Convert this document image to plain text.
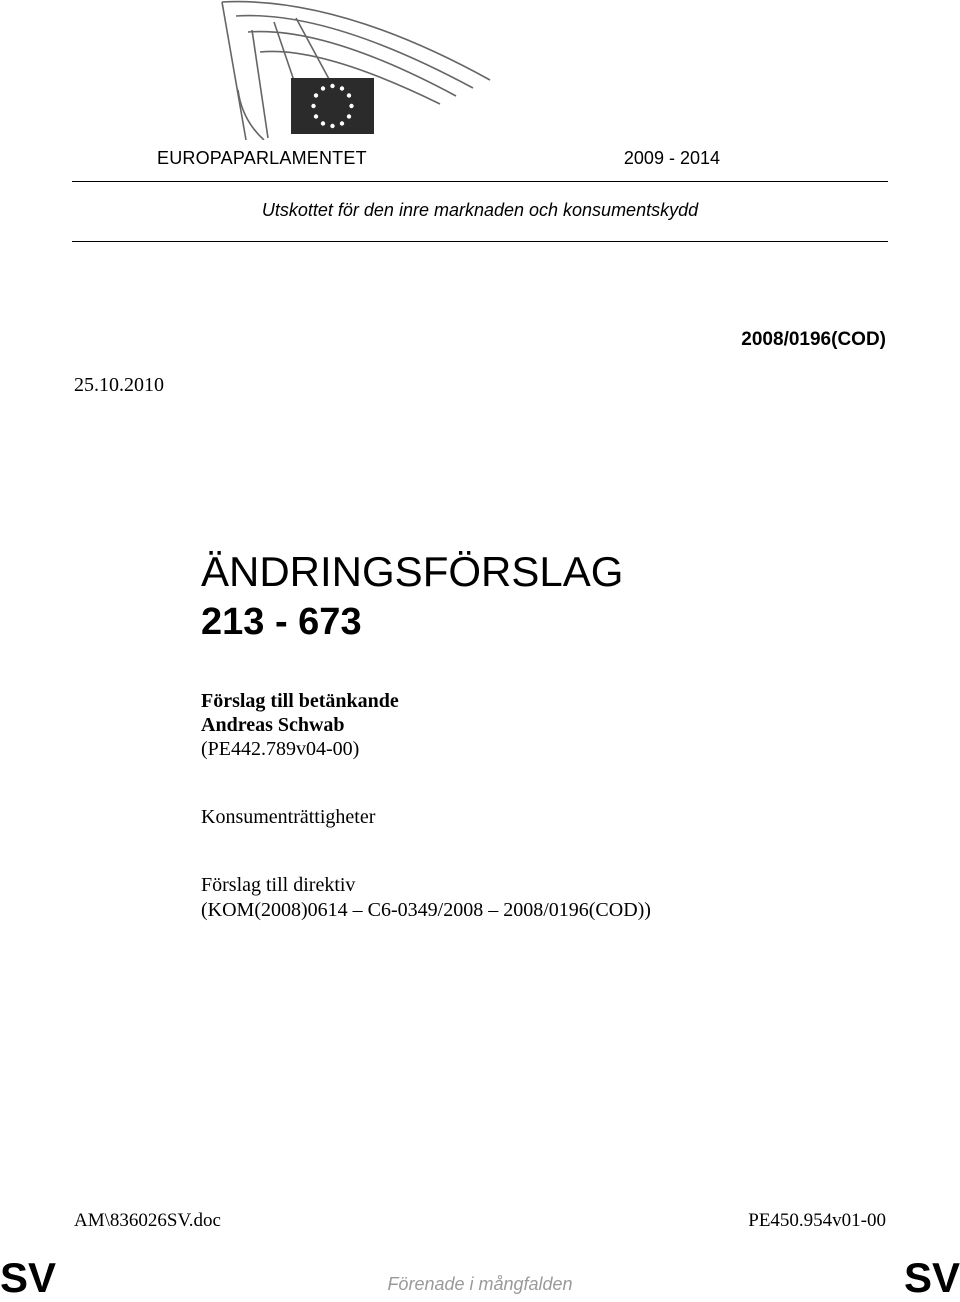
EUROPAPARLAMENTET	2009 - 2014
Utskottet för den inre marknaden och konsumentskydd
2008/0196(COD)
25.10.2010
ÄNDRINGSFÖRSLAG
213 - 673
Förslag till betänkande
Andreas Schwab
(PE442.789v04-00)
Konsumenträttigheter
Förslag till direktiv
(KOM(2008)0614 – C6-0349/2008 – 2008/0196(COD))
AM\836026SV.doc	PE450.954v01-00
SV	Förenade i mångfalden	SV
